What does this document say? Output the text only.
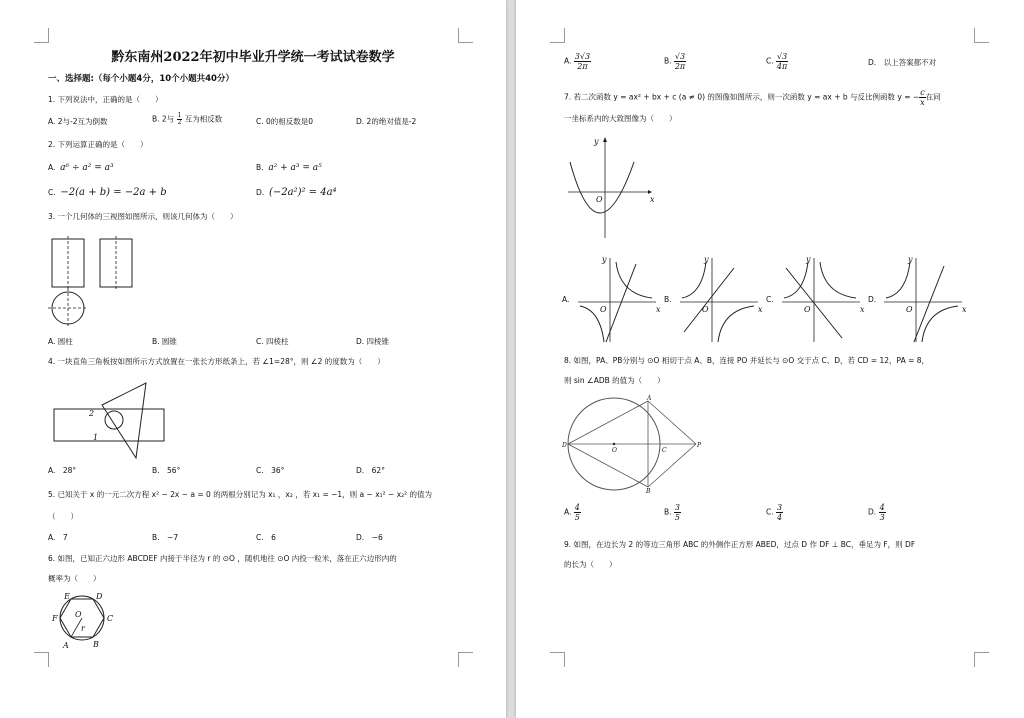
黔东南州2022年初中毕业升学统一考试试卷数学
一、选择题:（每个小题4分，10个小题共40分）
1. 下列说法中，正确的是（　　）
A. 2与-2互为倒数	B. 2与 $\frac{1}{2}$ 互为相反数	C. 0的相反数是0	D. 2的绝对值是-2
2. 下列运算正确的是（　　）
A. a⁶ ÷ a² = a³	B. a² + a³ = a⁵
C. −2(a + b) = −2a + b	D. (−2a²)² = 4a⁴
3. 一个几何体的三视图如图所示，则该几何体为（　　）
A. 圆柱	B. 圆锥	C. 四棱柱	D. 四棱锥
4. 一块直角三角板按如图所示方式放置在一张长方形纸条上，若 ∠1=28°，则 ∠2 的度数为（　　）
2
1
A.　28°	B.　56°	C.　36°	D.　62°
5. 已知关于 x 的一元二次方程 x² − 2x − a = 0 的两根分别记为 x₁ ，x₂ ，若 x₁ = −1，则 a − x₁² − x₂² 的值为
（　　）
A.　7	B.　−7	C.　6	D.　−6
6. 如图，已知正六边形 ABCDEF 内接于半径为 r 的 ⊙O ，随机地往 ⊙O 内投一粒米，落在正六边形内的
概率为（　　）
E	D
F	C
O
r
A	B
A. $\frac{3√3}{2\pi}$	B. $\frac{√3}{2\pi}$	C. $\frac{√3}{4\pi}$	D.　以上答案都不对
7. 若二次函数 y = ax² + bx + c (a ≠ 0) 的图像如图所示，则一次函数 y = ax + b 与反比例函数 y = − $\frac{c}{x}$ 在同
一坐标系内的大致图像为（　　）
y
x
O
A.
y
x
O
B.
y
x
O
C.
y
x
O
D.
y
x
O
8. 如图，PA、PB分别与 ⊙O 相切于点 A、B，连接 PO 并延长与 ⊙O 交于点 C、D，若 CD = 12，PA = 8，
则 sin ∠ADB 的值为（　　）
A
B
C
D
O
P
A. $\frac{4}{5}$	B. $\frac{3}{5}$	C. $\frac{3}{4}$	D. $\frac{4}{3}$
9. 如图，在边长为 2 的等边三角形 ABC 的外侧作正方形 ABED，过点 D 作 DF ⊥ BC，垂足为 F，则 DF
的长为（　　）
